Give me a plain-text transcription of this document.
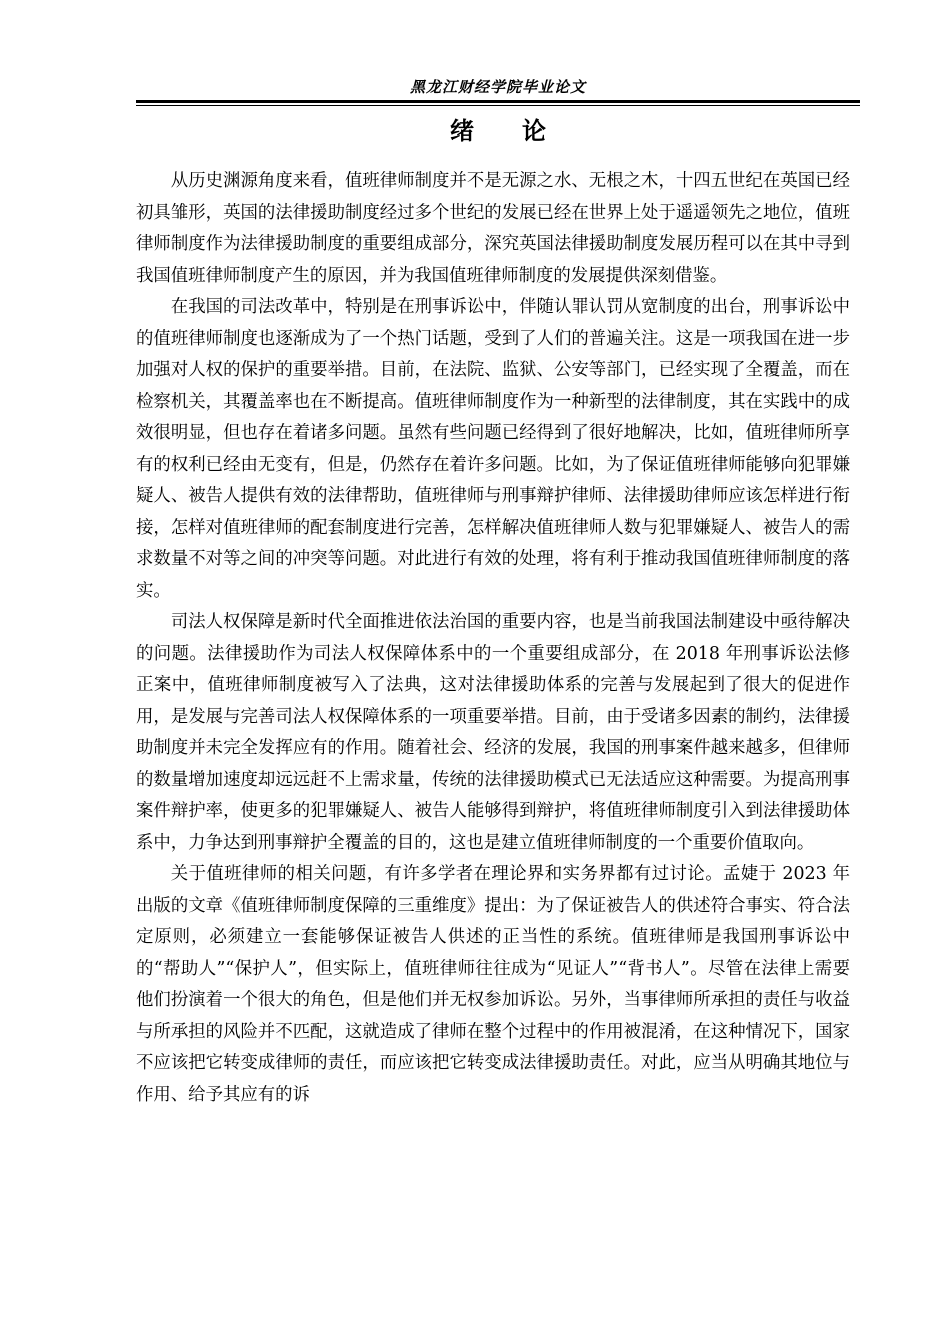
黑龙江财经学院毕业论文
绪　　论

从历史渊源角度来看，值班律师制度并不是无源之水、无根之木，十四五世纪在英国已经初具雏形，英国的法律援助制度经过多个世纪的发展已经在世界上处于遥遥领先之地位，值班律师制度作为法律援助制度的重要组成部分，深究英国法律援助制度发展历程可以在其中寻到我国值班律师制度产生的原因，并为我国值班律师制度的发展提供深刻借鉴。

在我国的司法改革中，特别是在刑事诉讼中，伴随认罪认罚从宽制度的出台，刑事诉讼中的值班律师制度也逐渐成为了一个热门话题，受到了人们的普遍关注。这是一项我国在进一步加强对人权的保护的重要举措。目前，在法院、监狱、公安等部门，已经实现了全覆盖，而在检察机关，其覆盖率也在不断提高。值班律师制度作为一种新型的法律制度，其在实践中的成效很明显，但也存在着诸多问题。虽然有些问题已经得到了很好地解决，比如，值班律师所享有的权利已经由无变有，但是，仍然存在着许多问题。比如，为了保证值班律师能够向犯罪嫌疑人、被告人提供有效的法律帮助，值班律师与刑事辩护律师、法律援助律师应该怎样进行衔接，怎样对值班律师的配套制度进行完善，怎样解决值班律师人数与犯罪嫌疑人、被告人的需求数量不对等之间的冲突等问题。对此进行有效的处理，将有利于推动我国值班律师制度的落实。

司法人权保障是新时代全面推进依法治国的重要内容，也是当前我国法制建设中亟待解决的问题。法律援助作为司法人权保障体系中的一个重要组成部分，在 2018 年刑事诉讼法修正案中，值班律师制度被写入了法典，这对法律援助体系的完善与发展起到了很大的促进作用，是发展与完善司法人权保障体系的一项重要举措。目前，由于受诸多因素的制约，法律援助制度并未完全发挥应有的作用。随着社会、经济的发展，我国的刑事案件越来越多，但律师的数量增加速度却远远赶不上需求量，传统的法律援助模式已无法适应这种需要。为提高刑事案件辩护率，使更多的犯罪嫌疑人、被告人能够得到辩护，将值班律师制度引入到法律援助体系中，力争达到刑事辩护全覆盖的目的，这也是建立值班律师制度的一个重要价值取向。

关于值班律师的相关问题，有许多学者在理论界和实务界都有过讨论。孟婕于 2023 年出版的文章《值班律师制度保障的三重维度》提出：为了保证被告人的供述符合事实、符合法定原则，必须建立一套能够保证被告人供述的正当性的系统。值班律师是我国刑事诉讼中的“帮助人”“保护人”，但实际上，值班律师往往成为“见证人”“背书人”。尽管在法律上需要他们扮演着一个很大的角色，但是他们并无权参加诉讼。另外，当事律师所承担的责任与收益与所承担的风险并不匹配，这就造成了律师在整个过程中的作用被混淆，在这种情况下，国家不应该把它转变成律师的责任，而应该把它转变成法律援助责任。对此，应当从明确其地位与作用、给予其应有的诉
